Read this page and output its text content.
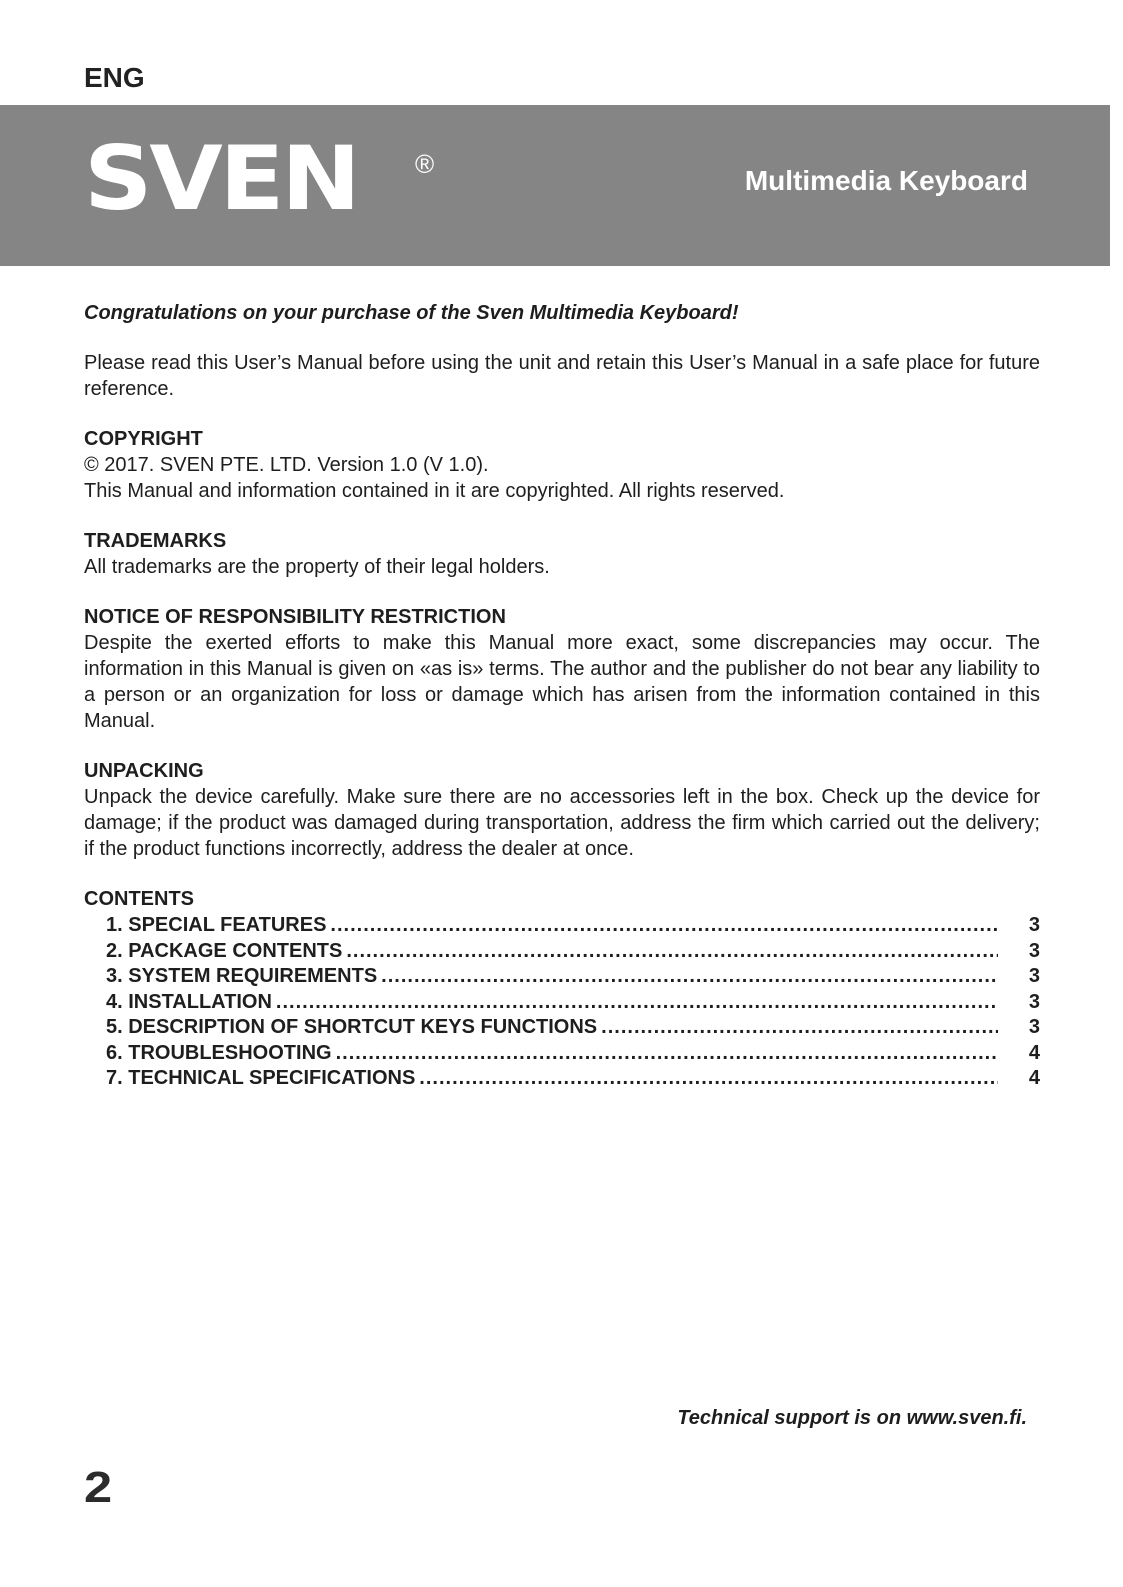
ENG
SVEN ®
Multimedia Keyboard

Congratulations on your purchase of the Sven Multimedia Keyboard!

Please read this User’s Manual before using the unit and retain this User’s Manual in a safe place for future reference.

COPYRIGHT

© 2017. SVEN PTE. LTD. Version 1.0 (V 1.0).

This Manual and information contained in it are copyrighted. All rights reserved.

TRADEMARKS

All trademarks are the property of their legal holders.

NOTICE OF RESPONSIBILITY RESTRICTION

Despite the exerted efforts to make this Manual more exact, some discrepancies may occur. The information in this Manual is given on «as is» terms. The author and the publisher do not bear any liability to a person or an organization for loss or damage which has arisen from the information contained in this Manual.

UNPACKING

Unpack the device carefully. Make sure there are no accessories left in the box. Check up the device for damage; if the product was damaged during transportation, address the firm which carried out the delivery; if the product functions incorrectly, address the dealer at once.

CONTENTS

1. SPECIAL FEATURES .....	3
2. PACKAGE CONTENTS .....	3
3. SYSTEM REQUIREMENTS .....	3
4. INSTALLATION .....	3
5. DESCRIPTION OF SHORTCUT KEYS FUNCTIONS .....	3
6. TROUBLESHOOTING .....	4
7. TECHNICAL SPECIFICATIONS .....	4
Technical support is on www.sven.fi.
2
